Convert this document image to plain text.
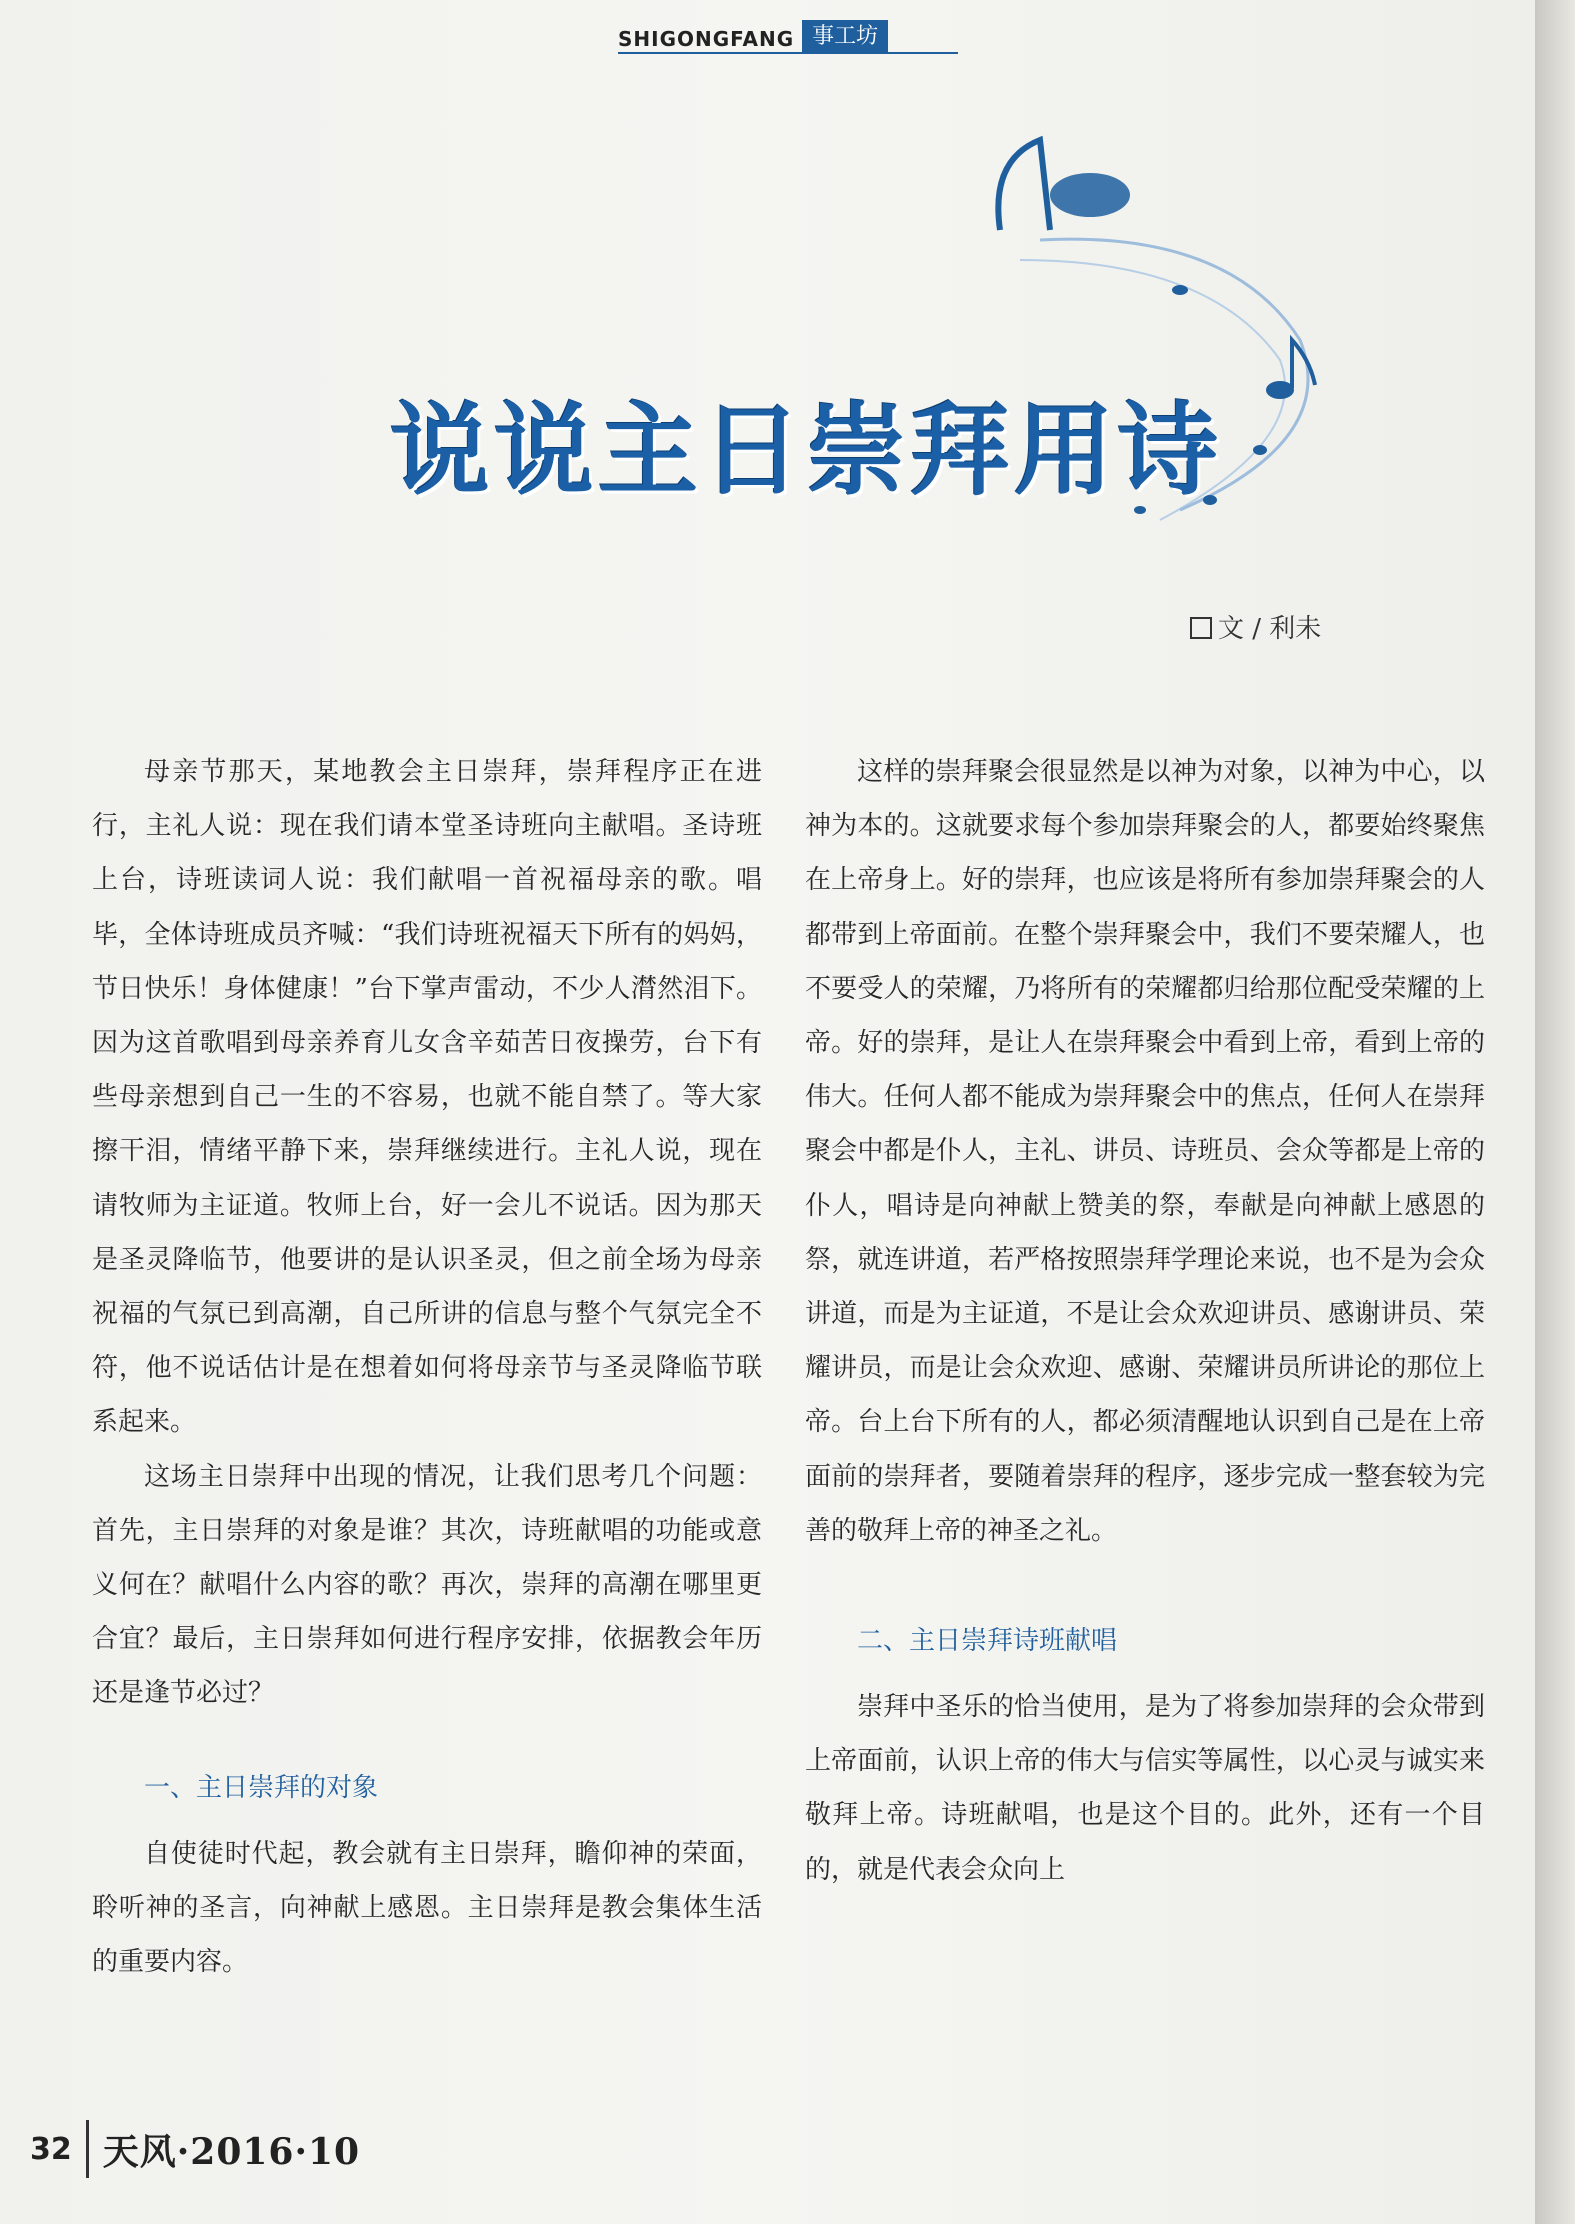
SHIGONGFANG 事工坊
说说主日崇拜用诗
文 / 利未

母亲节那天，某地教会主日崇拜，崇拜程序正在进行，主礼人说：现在我们请本堂圣诗班向主献唱。圣诗班上台，诗班读词人说：我们献唱一首祝福母亲的歌。唱毕，全体诗班成员齐喊：“我们诗班祝福天下所有的妈妈，节日快乐！身体健康！”台下掌声雷动，不少人潸然泪下。因为这首歌唱到母亲养育儿女含辛茹苦日夜操劳，台下有些母亲想到自己一生的不容易，也就不能自禁了。等大家擦干泪，情绪平静下来，崇拜继续进行。主礼人说，现在请牧师为主证道。牧师上台，好一会儿不说话。因为那天是圣灵降临节，他要讲的是认识圣灵，但之前全场为母亲祝福的气氛已到高潮，自己所讲的信息与整个气氛完全不符，他不说话估计是在想着如何将母亲节与圣灵降临节联系起来。

这场主日崇拜中出现的情况，让我们思考几个问题：首先，主日崇拜的对象是谁？其次，诗班献唱的功能或意义何在？献唱什么内容的歌？再次，崇拜的高潮在哪里更合宜？最后，主日崇拜如何进行程序安排，依据教会年历还是逢节必过？

一、主日崇拜的对象

自使徒时代起，教会就有主日崇拜，瞻仰神的荣面，聆听神的圣言，向神献上感恩。主日崇拜是教会集体生活的重要内容。

这样的崇拜聚会很显然是以神为对象，以神为中心，以神为本的。这就要求每个参加崇拜聚会的人，都要始终聚焦在上帝身上。好的崇拜，也应该是将所有参加崇拜聚会的人都带到上帝面前。在整个崇拜聚会中，我们不要荣耀人，也不要受人的荣耀，乃将所有的荣耀都归给那位配受荣耀的上帝。好的崇拜，是让人在崇拜聚会中看到上帝，看到上帝的伟大。任何人都不能成为崇拜聚会中的焦点，任何人在崇拜聚会中都是仆人，主礼、讲员、诗班员、会众等都是上帝的仆人，唱诗是向神献上赞美的祭，奉献是向神献上感恩的祭，就连讲道，若严格按照崇拜学理论来说，也不是为会众讲道，而是为主证道，不是让会众欢迎讲员、感谢讲员、荣耀讲员，而是让会众欢迎、感谢、荣耀讲员所讲论的那位上帝。台上台下所有的人，都必须清醒地认识到自己是在上帝面前的崇拜者，要随着崇拜的程序，逐步完成一整套较为完善的敬拜上帝的神圣之礼。

二、主日崇拜诗班献唱

崇拜中圣乐的恰当使用，是为了将参加崇拜的会众带到上帝面前，认识上帝的伟大与信实等属性，以心灵与诚实来敬拜上帝。诗班献唱，也是这个目的。此外，还有一个目的，就是代表会众向上

32 天风·2016·10
